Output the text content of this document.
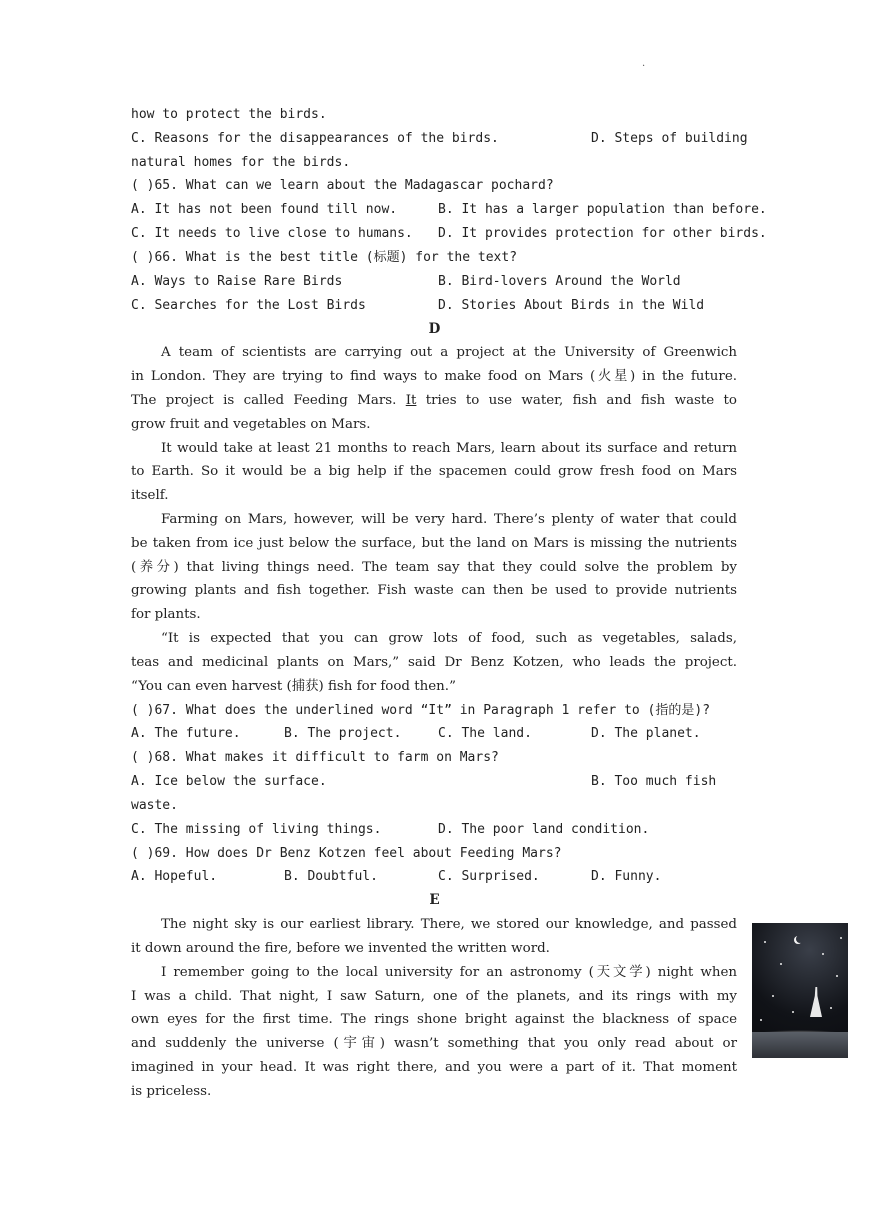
.
how to protect the birds.
C. Reasons for the disappearances of the birds.	D. Steps of building
natural homes for the birds.
( )65. What can we learn about the Madagascar pochard?
A. It has not been found till now.	B. It has a larger population than before.
C. It needs to live close to humans. D. It provides protection for other birds.
( )66. What is the best title (标题) for the text?
A. Ways to Raise Rare Birds	B. Bird-lovers Around the World
C. Searches for the Lost Birds	D. Stories About Birds in the Wild
D
A team of scientists are carrying out a project at the University of Greenwich
in London. They are trying to find ways to make food on Mars (火星) in the future.
The project is called Feeding Mars. It tries to use water, fish and fish waste to
grow fruit and vegetables on Mars.
It would take at least 21 months to reach Mars, learn about its surface and return
to Earth. So it would be a big help if the spacemen could grow fresh food on Mars
itself.
Farming on Mars, however, will be very hard. There’s plenty of water that could
be taken from ice just below the surface, but the land on Mars is missing the nutrients
(养分) that living things need. The team say that they could solve the problem by
growing plants and fish together. Fish waste can then be used to provide nutrients
for plants.
“It is expected that you can grow lots of food, such as vegetables, salads,
teas and medicinal plants on Mars,” said Dr Benz Kotzen, who leads the project.
“You can even harvest (捕获) fish for food then.”
( )67. What does the underlined word “It” in Paragraph 1 refer to (指的是)?
A. The future.	B. The project.	C. The land.	D. The planet.
( )68. What makes it difficult to farm on Mars?
A. Ice below the surface.	B. Too much fish
waste.
C. The missing of living things.	D. The poor land condition.
( )69. How does Dr Benz Kotzen feel about Feeding Mars?
A. Hopeful.	B. Doubtful.	C. Surprised.	D. Funny.
E
The night sky is our earliest library. There, we stored our knowledge, and passed
it down around the fire, before we invented the written word.
I remember going to the local university for an astronomy (天文学) night when
I was a child. That night, I saw Saturn, one of the planets, and its rings with my
own eyes for the first time. The rings shone bright against the blackness of space
and suddenly the universe (宇宙) wasn’t something that you only read about or
imagined in your head. It was right there, and you were a part of it. That moment
is priceless.
